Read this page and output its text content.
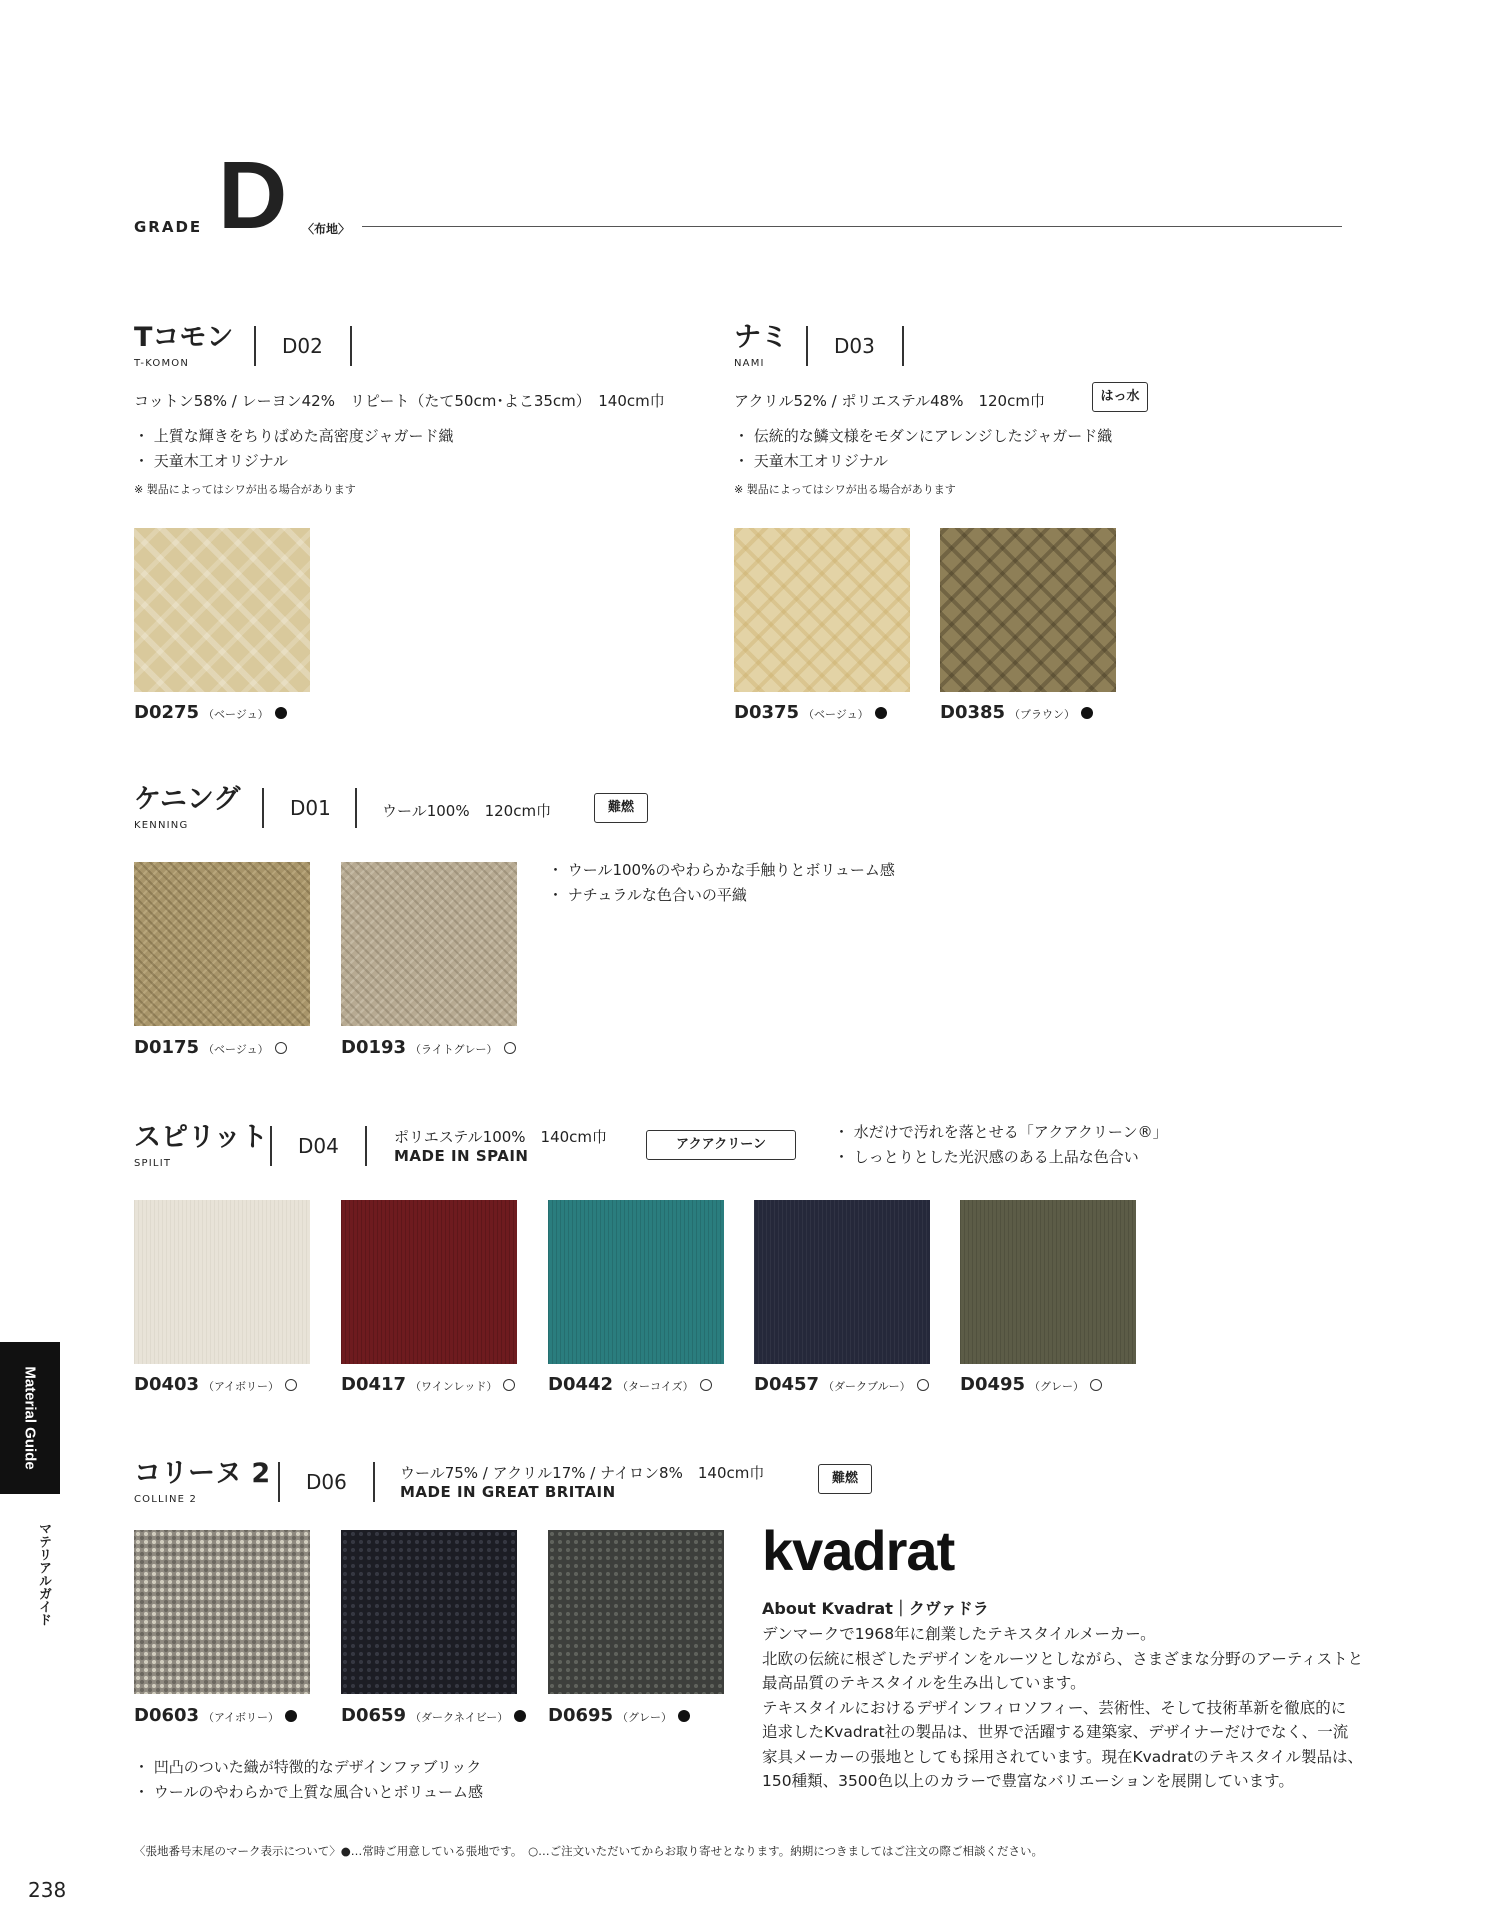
GRADE D 〈布地〉
Tコモン
T-KOMON
D02
コットン58% / レーヨン42%　リピート（たて50cm･よこ35cm）　140cm巾
・ 上質な輝きをちりばめた高密度ジャガード織
・ 天童木工オリジナル
※ 製品によってはシワが出る場合があります
D0275 （ベージュ）
ナミ
NAMI
D03
アクリル52% / ポリエステル48%　120cm巾	はっ水
・ 伝統的な鱗文様をモダンにアレンジしたジャガード織
・ 天童木工オリジナル
※ 製品によってはシワが出る場合があります
D0375 （ベージュ）	D0385 （ブラウン）
ケニング
KENNING
D01	ウール100%　120cm巾	難燃
D0175 （ベージュ）	D0193 （ライトグレー）
・ ウール100%のやわらかな手触りとボリューム感
・ ナチュラルな色合いの平織
スピリット
SPILIT
D04	ポリエステル100%　140cm巾
MADE IN SPAIN
アクアクリーン
・ 水だけで汚れを落とせる「アクアクリーン®」
・ しっとりとした光沢感のある上品な色合い
D0403 （アイボリー）	D0417 （ワインレッド）	D0442 （ターコイズ）	D0457 （ダークブルー）	D0495 （グレー）
コリーヌ 2
COLLINE 2
D06	ウール75% / アクリル17% / ナイロン8%　140cm巾
MADE IN GREAT BRITAIN
難燃
D0603 （アイボリー）	D0659 （ダークネイビー）	D0695 （グレー）
・ 凹凸のついた織が特徴的なデザインファブリック
・ ウールのやわらかで上質な風合いとボリューム感
kvadrat
About Kvadrat｜クヴァドラ
デンマークで1968年に創業したテキスタイルメーカー。
北欧の伝統に根ざしたデザインをルーツとしながら、さまざまな分野のアーティストと
最高品質のテキスタイルを生み出しています。
テキスタイルにおけるデザインフィロソフィー、芸術性、そして技術革新を徹底的に
追求したKvadrat社の製品は、世界で活躍する建築家、デザイナーだけでなく、一流
家具メーカーの張地としても採用されています。現在Kvadratのテキスタイル製品は、
150種類、3500色以上のカラーで豊富なバリエーションを展開しています。
〈張地番号末尾のマーク表示について〉●…常時ご用意している張地です。　○…ご注文いただいてからお取り寄せとなります。納期につきましてはご注文の際ご相談ください。
238
Material Guide
マテリアルガイド
